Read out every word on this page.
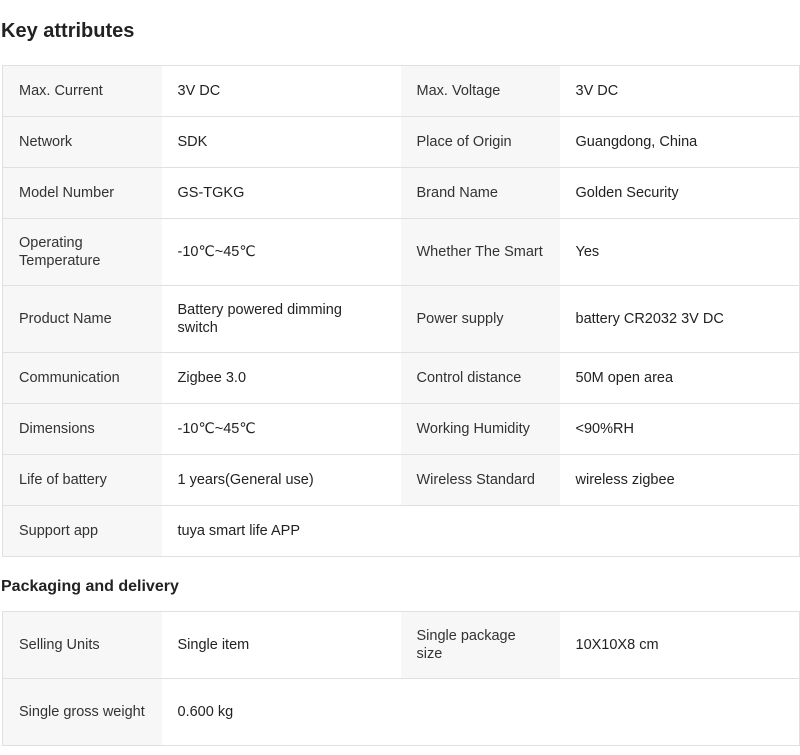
Key attributes
Max. Current	3V DC	Max. Voltage	3V DC
Network	SDK	Place of Origin	Guangdong, China
Model Number	GS-TGKG	Brand Name	Golden Security
Operating Temperature	-10℃~45℃	Whether The Smart	Yes
Product Name	Battery powered dimming switch	Power supply	battery CR2032 3V DC
Communication	Zigbee 3.0	Control distance	50M open area
Dimensions	-10℃~45℃	Working Humidity	<90%RH
Life of battery	1 years(General use)	Wireless Standard	wireless zigbee
Support app	tuya smart life APP		
Packaging and delivery
Selling Units	Single item	Single package size	10X10X8 cm
Single gross weight	0.600 kg		
